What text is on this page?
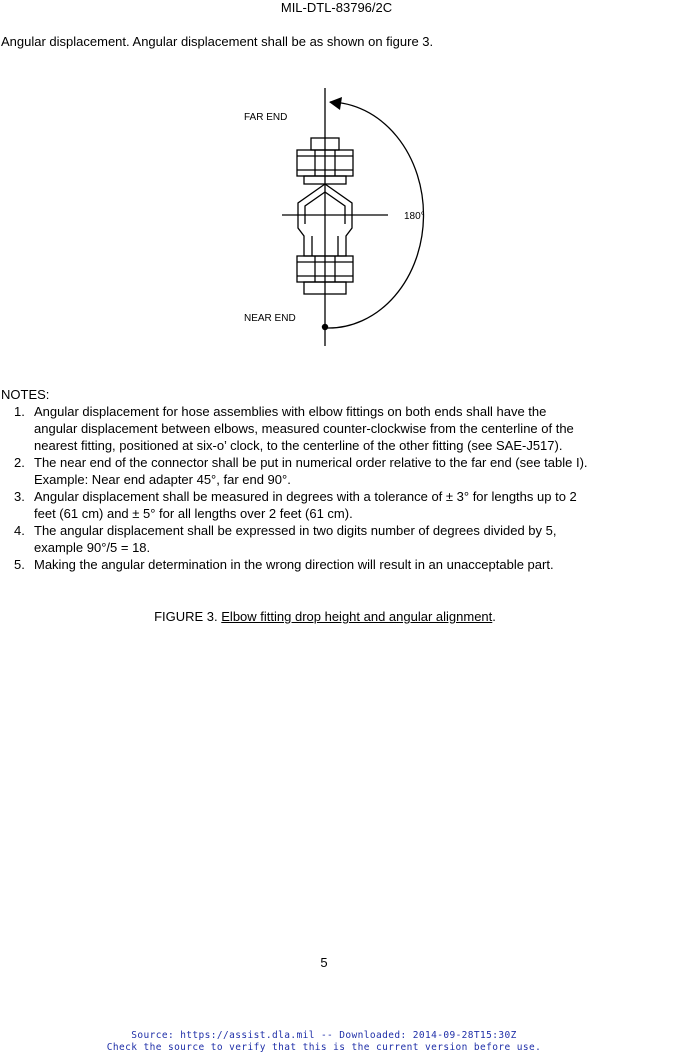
MIL-DTL-83796/2C
Angular displacement. Angular displacement shall be as shown on figure 3.
FAR END
NEAR END
180°
NOTES:
1. Angular displacement for hose assemblies with elbow fittings on both ends shall have the
angular displacement between elbows, measured counter-clockwise from the centerline of the
nearest fitting, positioned at six-o’ clock, to the centerline of the other fitting (see SAE-J517).
2. The near end of the connector shall be put in numerical order relative to the far end (see table I).
Example: Near end adapter 45°, far end 90°.
3. Angular displacement shall be measured in degrees with a tolerance of ± 3° for lengths up to 2
feet (61 cm) and ± 5° for all lengths over 2 feet (61 cm).
4. The angular displacement shall be expressed in two digits number of degrees divided by 5,
example 90°/5 = 18.
5. Making the angular determination in the wrong direction will result in an unacceptable part.
FIGURE 3. Elbow fitting drop height and angular alignment.
5
Source: https://assist.dla.mil -- Downloaded: 2014-09-28T15:30Z
Check the source to verify that this is the current version before use.
